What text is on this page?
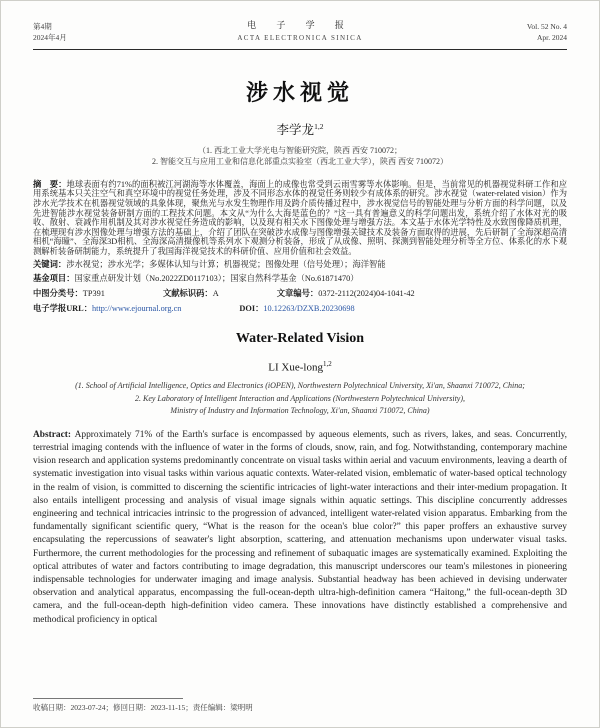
第4期
2024年4月
电 子 学 报
ACTA ELECTRONICA SINICA
Vol. 52 No. 4
Apr. 2024
涉水视觉
李学龙$^{1,2}$
（1. 西北工业大学光电与智能研究院，陕西 西安 710072；
2. 智能交互与应用工业和信息化部重点实验室（西北工业大学），陕西 西安 710072）

摘　要：地球表面有约71%的面积被江河湖海等水体覆盖，海面上的成像也常受到云雨雪雾等水体影响。但是，当前常见的机器视觉科研工作和应用系统基本只关注空气和真空环境中的视觉任务处理，涉及不同形态水体的视觉任务则较少有成体系的研究。涉水视觉（water-related vision）作为涉水光学技术在机器视觉领域的具象体现，聚焦光与水发生物理作用及跨介质传播过程中，涉水视觉信号的智能处理与分析方面的科学问题，以及先进智能涉水视觉装备研制方面的工程技术问题。本文从“为什么大海是蓝色的？”这一具有普遍意义的科学问题出发，系统介绍了水体对光的吸收、散射、衰减作用机制及其对涉水视觉任务造成的影响，以及现有相关水下图像处理与增强方法。本文基于水体光学特性及水致图像降质机理，在梳理现有涉水图像处理与增强方法的基础上，介绍了团队在突破涉水成像与图像增强关键技术及装备方面取得的进展，先后研制了全海深超高清相机“海瞳”、全海深3D相机、全海深高清摄像机等系列水下观测分析装备，形成了从成像、照明、探测到智能处理分析等全方位、体系化的水下观测解析装备研制能力，系统提升了我国海洋视觉技术的科研价值、应用价值和社会效益。

关键词：涉水视觉；涉水光学；多媒体认知与计算；机器视觉；图像处理（信号处理）；海洋智能

基金项目：国家重点研发计划（No.2022ZD0117103）；国家自然科学基金（No.61871470）

中图分类号：TP391	文献标识码：A	文章编号：0372-2112(2024)04-1041-42
电子学报URL：http://www.ejournal.org.cn	DOI：10.12263/DZXB.20230698
Water-Related Vision
LI Xue-long$^{1,2}$
(1. School of Artificial Intelligence, Optics and Electronics (iOPEN), Northwestern Polytechnical University, Xi'an, Shaanxi 710072, China;
2. Key Laboratory of Intelligent Interaction and Applications (Northwestern Polytechnical University),
Ministry of Industry and Information Technology, Xi'an, Shaanxi 710072, China)

Abstract: Approximately 71% of the Earth's surface is encompassed by aqueous elements, such as rivers, lakes, and seas. Concurrently, terrestrial imaging contends with the influence of water in the forms of clouds, snow, rain, and fog. Notwithstanding, contemporary machine vision research and application systems predominantly concentrate on visual tasks within aerial and vacuum environments, leaving a dearth of systematic investigation into visual tasks within various aquatic contexts. Water-related vision, emblematic of water-based optical technology in the realm of vision, is committed to discerning the scientific intricacies of light-water interactions and their inter-medium propagation. It also entails intelligent processing and analysis of visual image signals within aquatic settings. This discipline concurrently addresses engineering and technical intricacies intrinsic to the progression of advanced, intelligent water-related vision apparatus. Embarking from the fundamentally significant scientific query, “What is the reason for the ocean's blue color?” this paper proffers an exhaustive survey encapsulating the repercussions of seawater's light absorption, scattering, and attenuation mechanisms upon underwater visual tasks. Furthermore, the current methodologies for the processing and refinement of subaquatic images are systematically examined. Exploiting the optical attributes of water and factors contributing to image degradation, this manuscript underscores our team's milestones in pioneering indispensable technologies for underwater imaging and image analysis. Substantial headway has been achieved in devising underwater observation and analytical apparatus, encompassing the full-ocean-depth ultra-high-definition camera “Haitong,” the full-ocean-depth 3D camera, and the full-ocean-depth high-definition video camera. These innovations have distinctly established a comprehensive and methodical proficiency in optical

收稿日期：2023-07-24；修回日期：2023-11-15；责任编辑：梁明明
